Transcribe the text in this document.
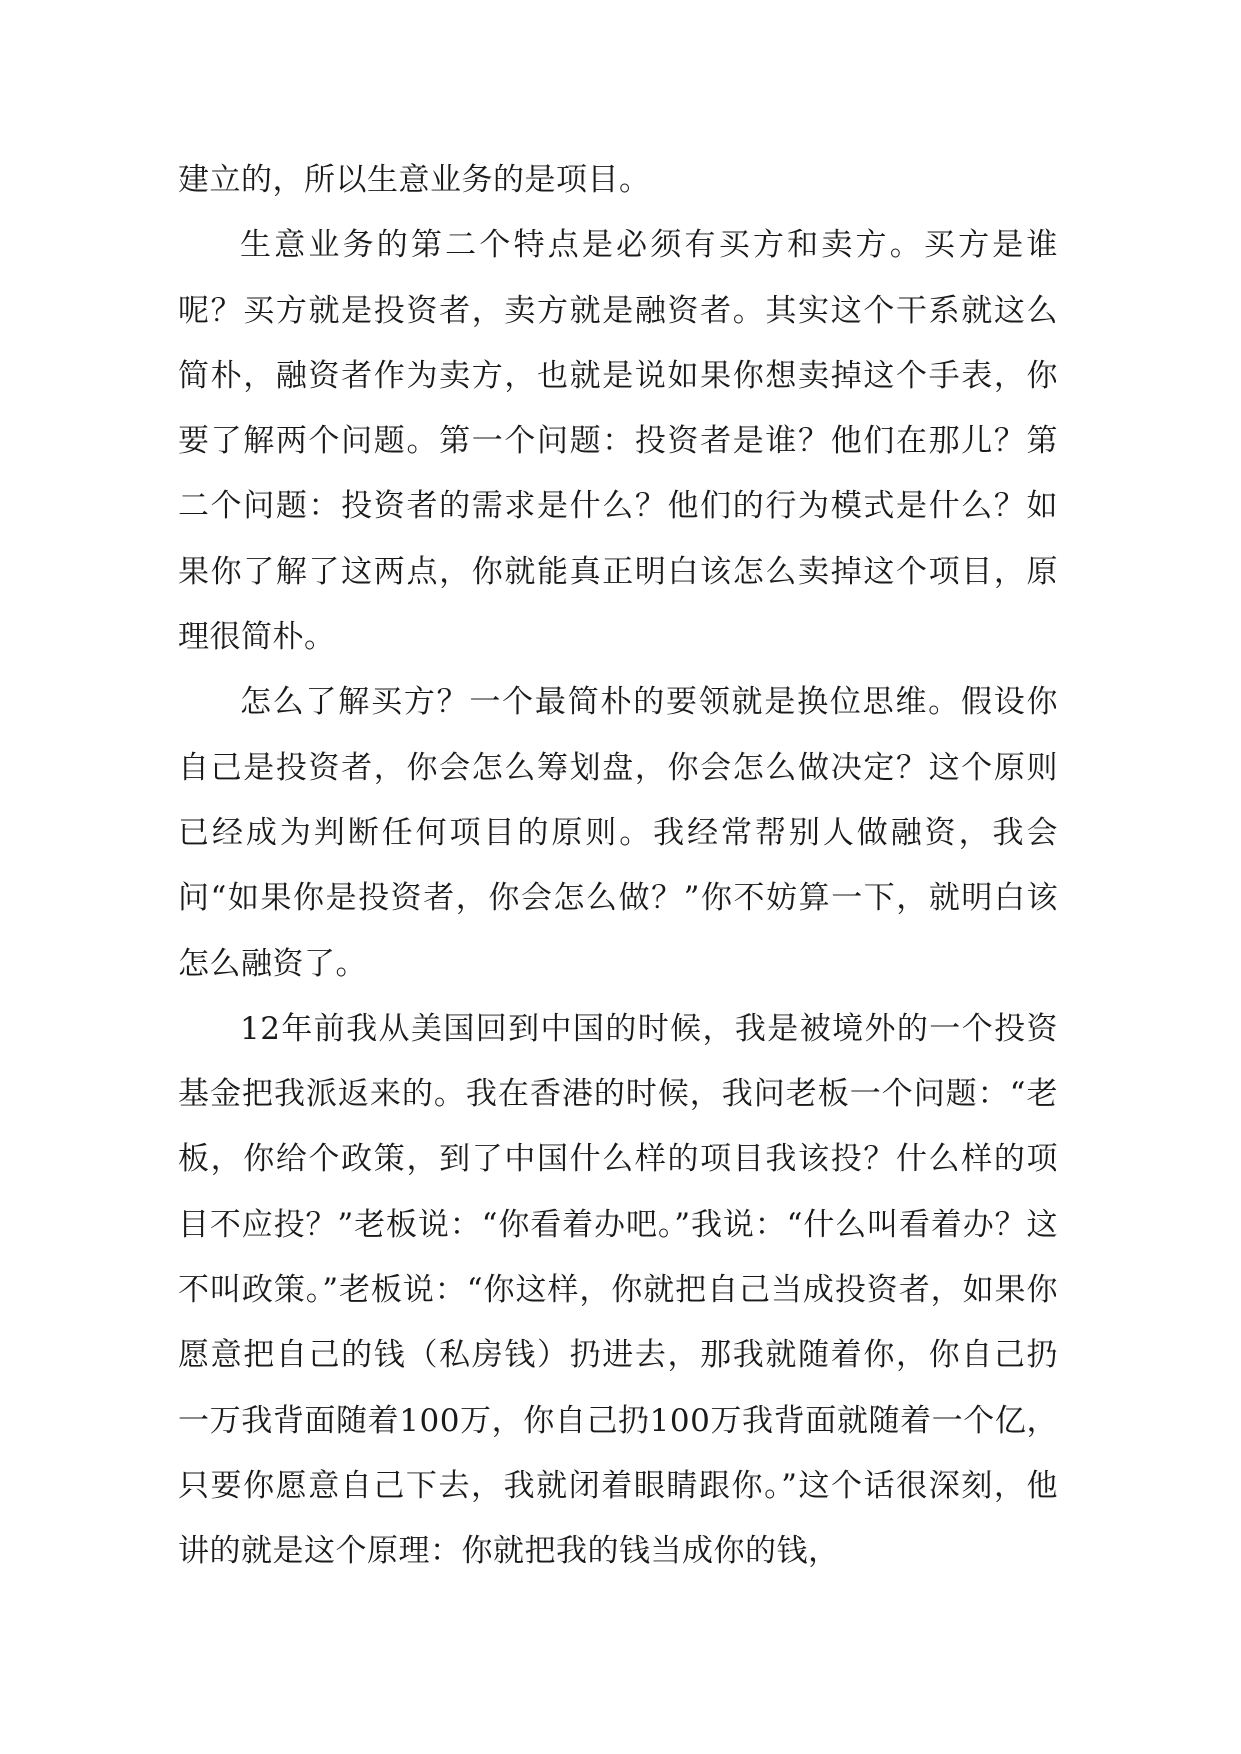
建立的，所以生意业务的是项目。

生意业务的第二个特点是必须有买方和卖方。买方是谁呢？买方就是投资者，卖方就是融资者。其实这个干系就这么简朴，融资者作为卖方，也就是说如果你想卖掉这个手表，你要了解两个问题。第一个问题：投资者是谁？他们在那儿？第二个问题：投资者的需求是什么？他们的行为模式是什么？如果你了解了这两点，你就能真正明白该怎么卖掉这个项目，原理很简朴。

怎么了解买方？一个最简朴的要领就是换位思维。假设你自己是投资者，你会怎么筹划盘，你会怎么做决定？这个原则已经成为判断任何项目的原则。我经常帮别人做融资，我会问“如果你是投资者，你会怎么做？”你不妨算一下，就明白该怎么融资了。

12年前我从美国回到中国的时候，我是被境外的一个投资基金把我派返来的。我在香港的时候，我问老板一个问题：“老板，你给个政策，到了中国什么样的项目我该投？什么样的项目不应投？”老板说：“你看着办吧。”我说：“什么叫看着办？这不叫政策。”老板说：“你这样，你就把自己当成投资者，如果你愿意把自己的钱（私房钱）扔进去，那我就随着你，你自己扔一万我背面随着100万，你自己扔100万我背面就随着一个亿，只要你愿意自己下去，我就闭着眼睛跟你。”这个话很深刻，他讲的就是这个原理：你就把我的钱当成你的钱，
